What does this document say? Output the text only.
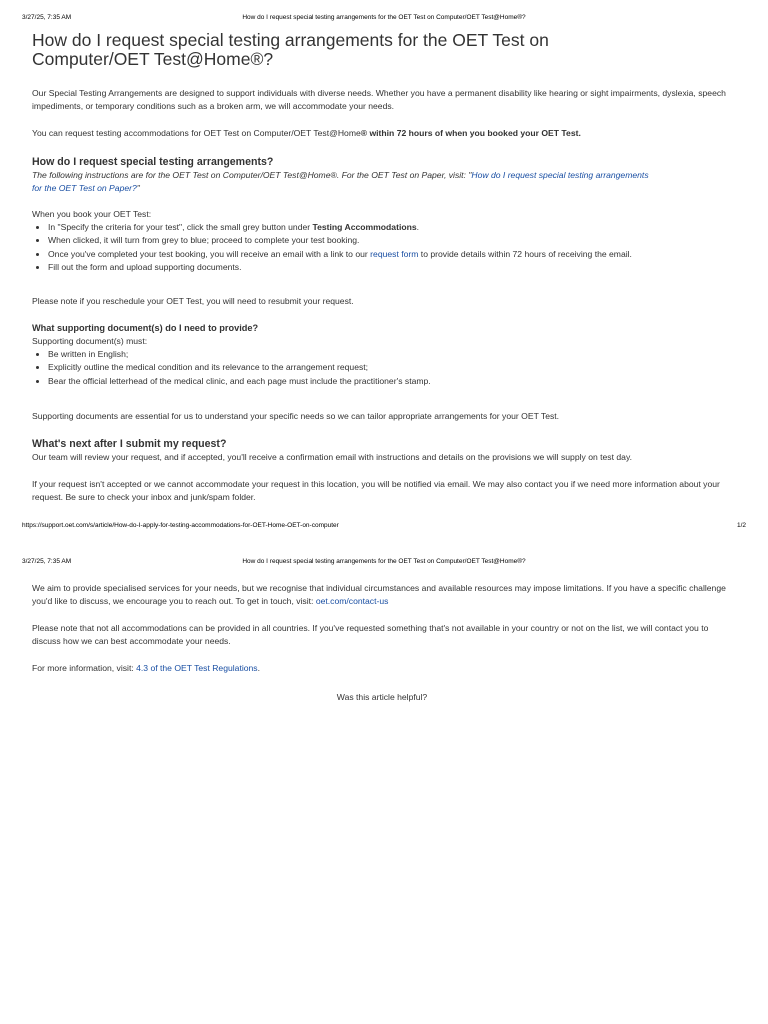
3/27/25, 7:35 AM	How do I request special testing arrangements for the OET Test on Computer/OET Test@Home®?
How do I request special testing arrangements for the OET Test on Computer/OET Test@Home®?

Our Special Testing Arrangements are designed to support individuals with diverse needs. Whether you have a permanent disability like hearing or sight impairments, dyslexia, speech impediments, or temporary conditions such as a broken arm, we will accommodate your needs.

You can request testing accommodations for OET Test on Computer/OET Test@Home® within 72 hours of when you booked your OET Test.

How do I request special testing arrangements?

The following instructions are for the OET Test on Computer/OET Test@Home®. For the OET Test on Paper, visit: "How do I request special testing arrangements
for the OET Test on Paper?"

When you book your OET Test:

• In "Specify the criteria for your test", click the small grey button under Testing Accommodations.
• When clicked, it will turn from grey to blue; proceed to complete your test booking.
• Once you've completed your test booking, you will receive an email with a link to our request form to provide details within 72 hours of receiving the email.
• Fill out the form and upload supporting documents.

Please note if you reschedule your OET Test, you will need to resubmit your request.

What supporting document(s) do I need to provide?

Supporting document(s) must:

• Be written in English;
• Explicitly outline the medical condition and its relevance to the arrangement request;
• Bear the official letterhead of the medical clinic, and each page must include the practitioner's stamp.

Supporting documents are essential for us to understand your specific needs so we can tailor appropriate arrangements for your OET Test.

What's next after I submit my request?

Our team will review your request, and if accepted, you'll receive a confirmation email with instructions and details on the provisions we will supply on test day.

If your request isn't accepted or we cannot accommodate your request in this location, you will be notified via email. We may also contact you if we need more information about your request. Be sure to check your inbox and junk/spam folder.

https://support.oet.com/s/article/How-do-I-apply-for-testing-accommodations-for-OET-Home-OET-on-computer	1/2
3/27/25, 7:35 AM	How do I request special testing arrangements for the OET Test on Computer/OET Test@Home®?

We aim to provide specialised services for your needs, but we recognise that individual circumstances and available resources may impose limitations. If you have a specific challenge you'd like to discuss, we encourage you to reach out. To get in touch, visit: oet.com/contact-us

Please note that not all accommodations can be provided in all countries. If you've requested something that's not available in your country or not on the list, we will contact you to discuss how we can best accommodate your needs.

For more information, visit: 4.3 of the OET Test Regulations.

Was this article helpful?
